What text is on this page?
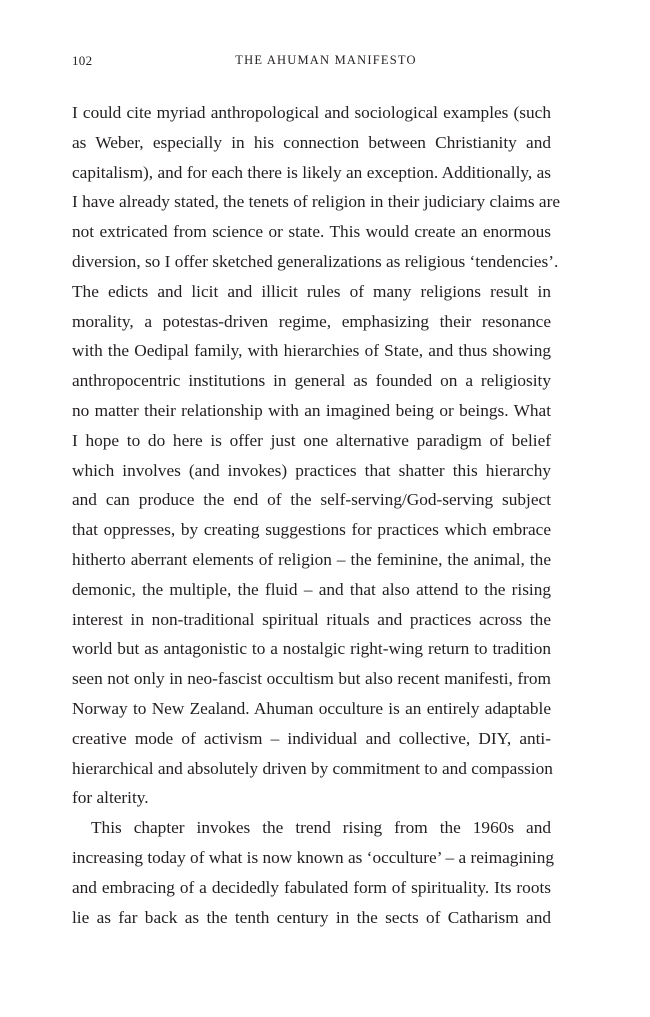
102	THE AHUMAN MANIFESTO
I could cite myriad anthropological and sociological examples (such
as Weber, especially in his connection between Christianity and
capitalism), and for each there is likely an exception. Additionally, as
I have already stated, the tenets of religion in their judiciary claims are
not extricated from science or state. This would create an enormous
diversion, so I offer sketched generalizations as religious ‘tendencies’.
The edicts and licit and illicit rules of many religions result in
morality, a potestas-driven regime, emphasizing their resonance
with the Oedipal family, with hierarchies of State, and thus showing
anthropocentric institutions in general as founded on a religiosity
no matter their relationship with an imagined being or beings. What
I hope to do here is offer just one alternative paradigm of belief
which involves (and invokes) practices that shatter this hierarchy
and can produce the end of the self-serving/God-serving subject
that oppresses, by creating suggestions for practices which embrace
hitherto aberrant elements of religion – the feminine, the animal, the
demonic, the multiple, the fluid – and that also attend to the rising
interest in non-traditional spiritual rituals and practices across the
world but as antagonistic to a nostalgic right-wing return to tradition
seen not only in neo-fascist occultism but also recent manifesti, from
Norway to New Zealand. Ahuman occulture is an entirely adaptable
creative mode of activism – individual and collective, DIY, anti-
hierarchical and absolutely driven by commitment to and compassion
for alterity.
This chapter invokes the trend rising from the 1960s and
increasing today of what is now known as ‘occulture’ – a reimagining
and embracing of a decidedly fabulated form of spirituality. Its roots
lie as far back as the tenth century in the sects of Catharism and
